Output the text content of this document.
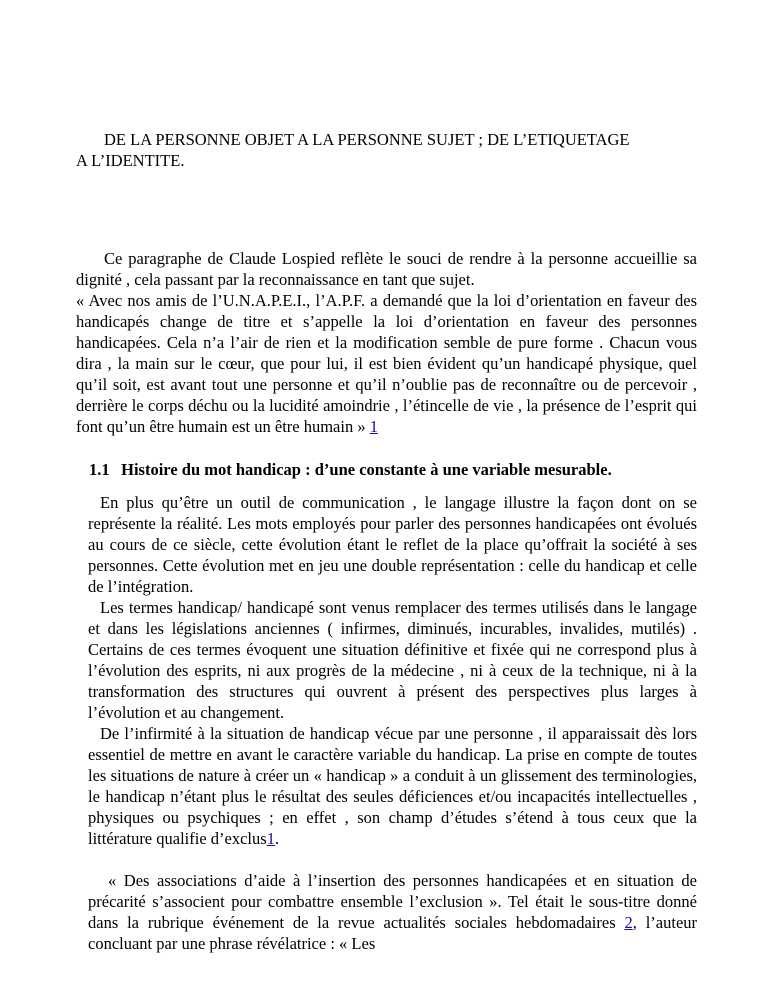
DE LA PERSONNE OBJET A LA PERSONNE SUJET ; DE L’ETIQUETAGE
A L’IDENTITE.

Ce paragraphe de Claude Lospied reflète le souci de rendre à la personne accueillie sa dignité , cela passant par la reconnaissance en tant que sujet.

« Avec nos amis de l’U.N.A.P.E.I., l’A.P.F. a demandé que la loi d’orientation en faveur des handicapés change de titre et s’appelle la loi d’orientation en faveur des personnes handicapées. Cela n’a l’air de rien et la modification semble de pure forme . Chacun vous dira , la main sur le cœur, que pour lui, il est bien évident qu’un handicapé physique, quel qu’il soit, est avant tout une personne et qu’il n’oublie pas de reconnaître ou de percevoir , derrière le corps déchu ou la lucidité amoindrie , l’étincelle de vie , la présence de l’esprit qui font qu’un être humain est un être humain » 1

1.1 Histoire du mot handicap : d’une constante à une variable mesurable.

En plus qu’être un outil de communication , le langage illustre la façon dont on se représente la réalité. Les mots employés pour parler des personnes handicapées ont évolués au cours de ce siècle, cette évolution étant le reflet de la place qu’offrait la société à ses personnes. Cette évolution met en jeu une double représentation : celle du handicap et celle de l’intégration.

Les termes handicap/ handicapé sont venus remplacer des termes utilisés dans le langage et dans les législations anciennes ( infirmes, diminués, incurables, invalides, mutilés) . Certains de ces termes évoquent une situation définitive et fixée qui ne correspond plus à l’évolution des esprits, ni aux progrès de la médecine , ni à ceux de la technique, ni à la transformation des structures qui ouvrent à présent des perspectives plus larges à l’évolution et au changement.

De l’infirmité à la situation de handicap vécue par une personne , il apparaissait dès lors essentiel de mettre en avant le caractère variable du handicap. La prise en compte de toutes les situations de nature à créer un « handicap » a conduit à un glissement des terminologies, le handicap n’étant plus le résultat des seules déficiences et/ou incapacités intellectuelles , physiques ou psychiques ; en effet , son champ d’études s’étend à tous ceux que la littérature qualifie d’exclus1.

« Des associations d’aide à l’insertion des personnes handicapées et en situation de précarité s’associent pour combattre ensemble l’exclusion ». Tel était le sous-titre donné dans la rubrique événement de la revue actualités sociales hebdomadaires 2, l’auteur concluant par une phrase révélatrice : « Les
